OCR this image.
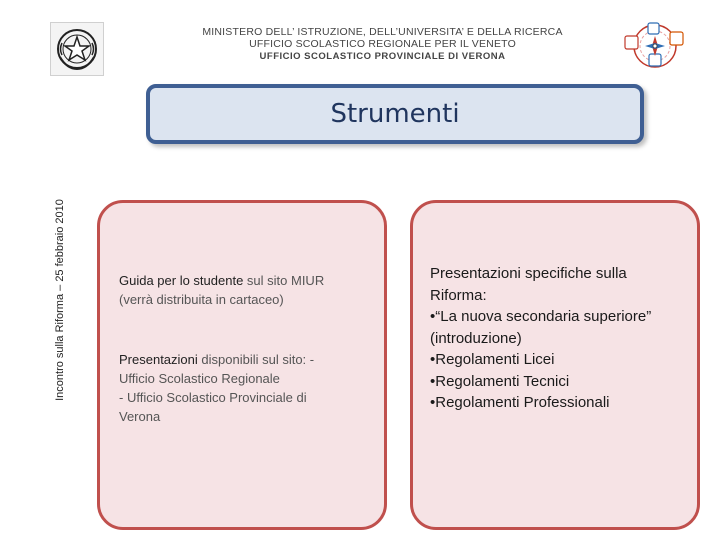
MINISTERO DELL’ ISTRUZIONE, DELL’UNIVERSITA’ E DELLA RICERCA
UFFICIO SCOLASTICO REGIONALE PER IL VENETO
UFFICIO SCOLASTICO PROVINCIALE DI VERONA
Strumenti
Incontro sulla Riforma – 25 febbraio 2010	Guida per lo studente sul sito MIUR
(verrà distribuita in cartaceo)
Presentazioni disponibili sul sito: -
Ufficio Scolastico Regionale
- Ufficio Scolastico Provinciale di
Verona
Presentazioni specifiche sulla
Riforma:
•“La nuova secondaria superiore”
(introduzione)
•Regolamenti Licei
•Regolamenti Tecnici
•Regolamenti Professionali
